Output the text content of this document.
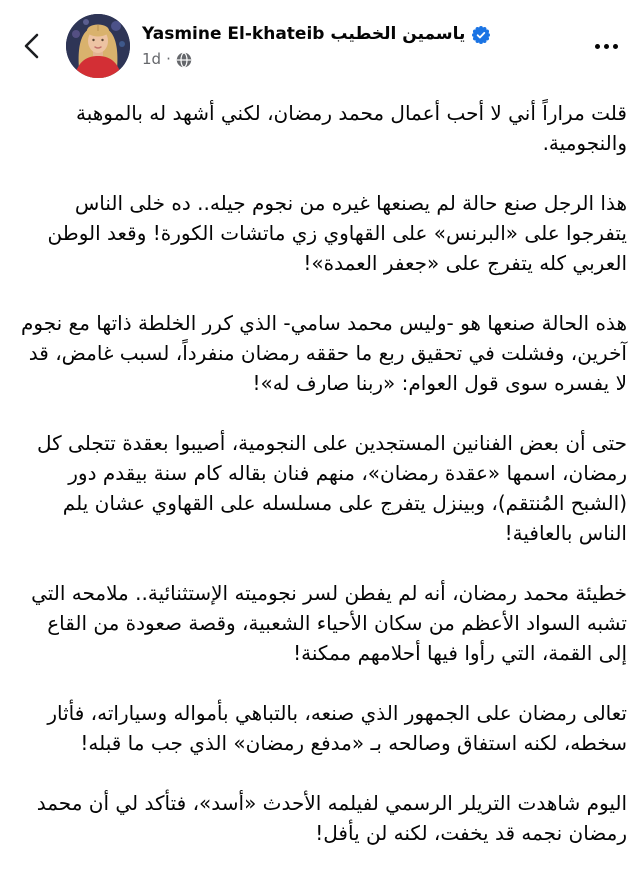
Yasmine El-khateib ياسمين الخطيب
1d ·

قلت مراراً أني لا أحب أعمال محمد رمضان، لكني أشهد له بالموهبة والنجومية.

هذا الرجل صنع حالة لم يصنعها غيره من نجوم جيله.. ده خلى الناس يتفرجوا على «البرنس» على القهاوي زي ماتشات الكورة! وقعد الوطن العربي كله يتفرج على «جعفر العمدة»!

هذه الحالة صنعها هو -وليس محمد سامي- الذي كرر الخلطة ذاتها مع نجوم آخرين، وفشلت في تحقيق ربع ما حققه رمضان منفرداً، لسبب غامض، قد لا يفسره سوى قول العوام: «ربنا صارف له»!

حتى أن بعض الفنانين المستجدين على النجومية، أصيبوا بعقدة تتجلى كل رمضان، اسمها «عقدة رمضان»، منهم فنان بقاله كام سنة بيقدم دور (الشبح المُنتقم)، وبينزل يتفرج على مسلسله على القهاوي عشان يلم الناس بالعافية!

خطيئة محمد رمضان، أنه لم يفطن لسر نجوميته الإستثنائية.. ملامحه التي تشبه السواد الأعظم من سكان الأحياء الشعبية، وقصة صعودة من القاع إلى القمة، التي رأوا فيها أحلامهم ممكنة!

تعالى رمضان على الجمهور الذي صنعه، بالتباهي بأمواله وسياراته، فأثار سخطه، لكنه استفاق وصالحه بـ «مدفع رمضان» الذي جب ما قبله!

اليوم شاهدت التريلر الرسمي لفيلمه الأحدث «أسد»، فتأكد لي أن محمد رمضان نجمه قد يخفت، لكنه لن يأفل!
